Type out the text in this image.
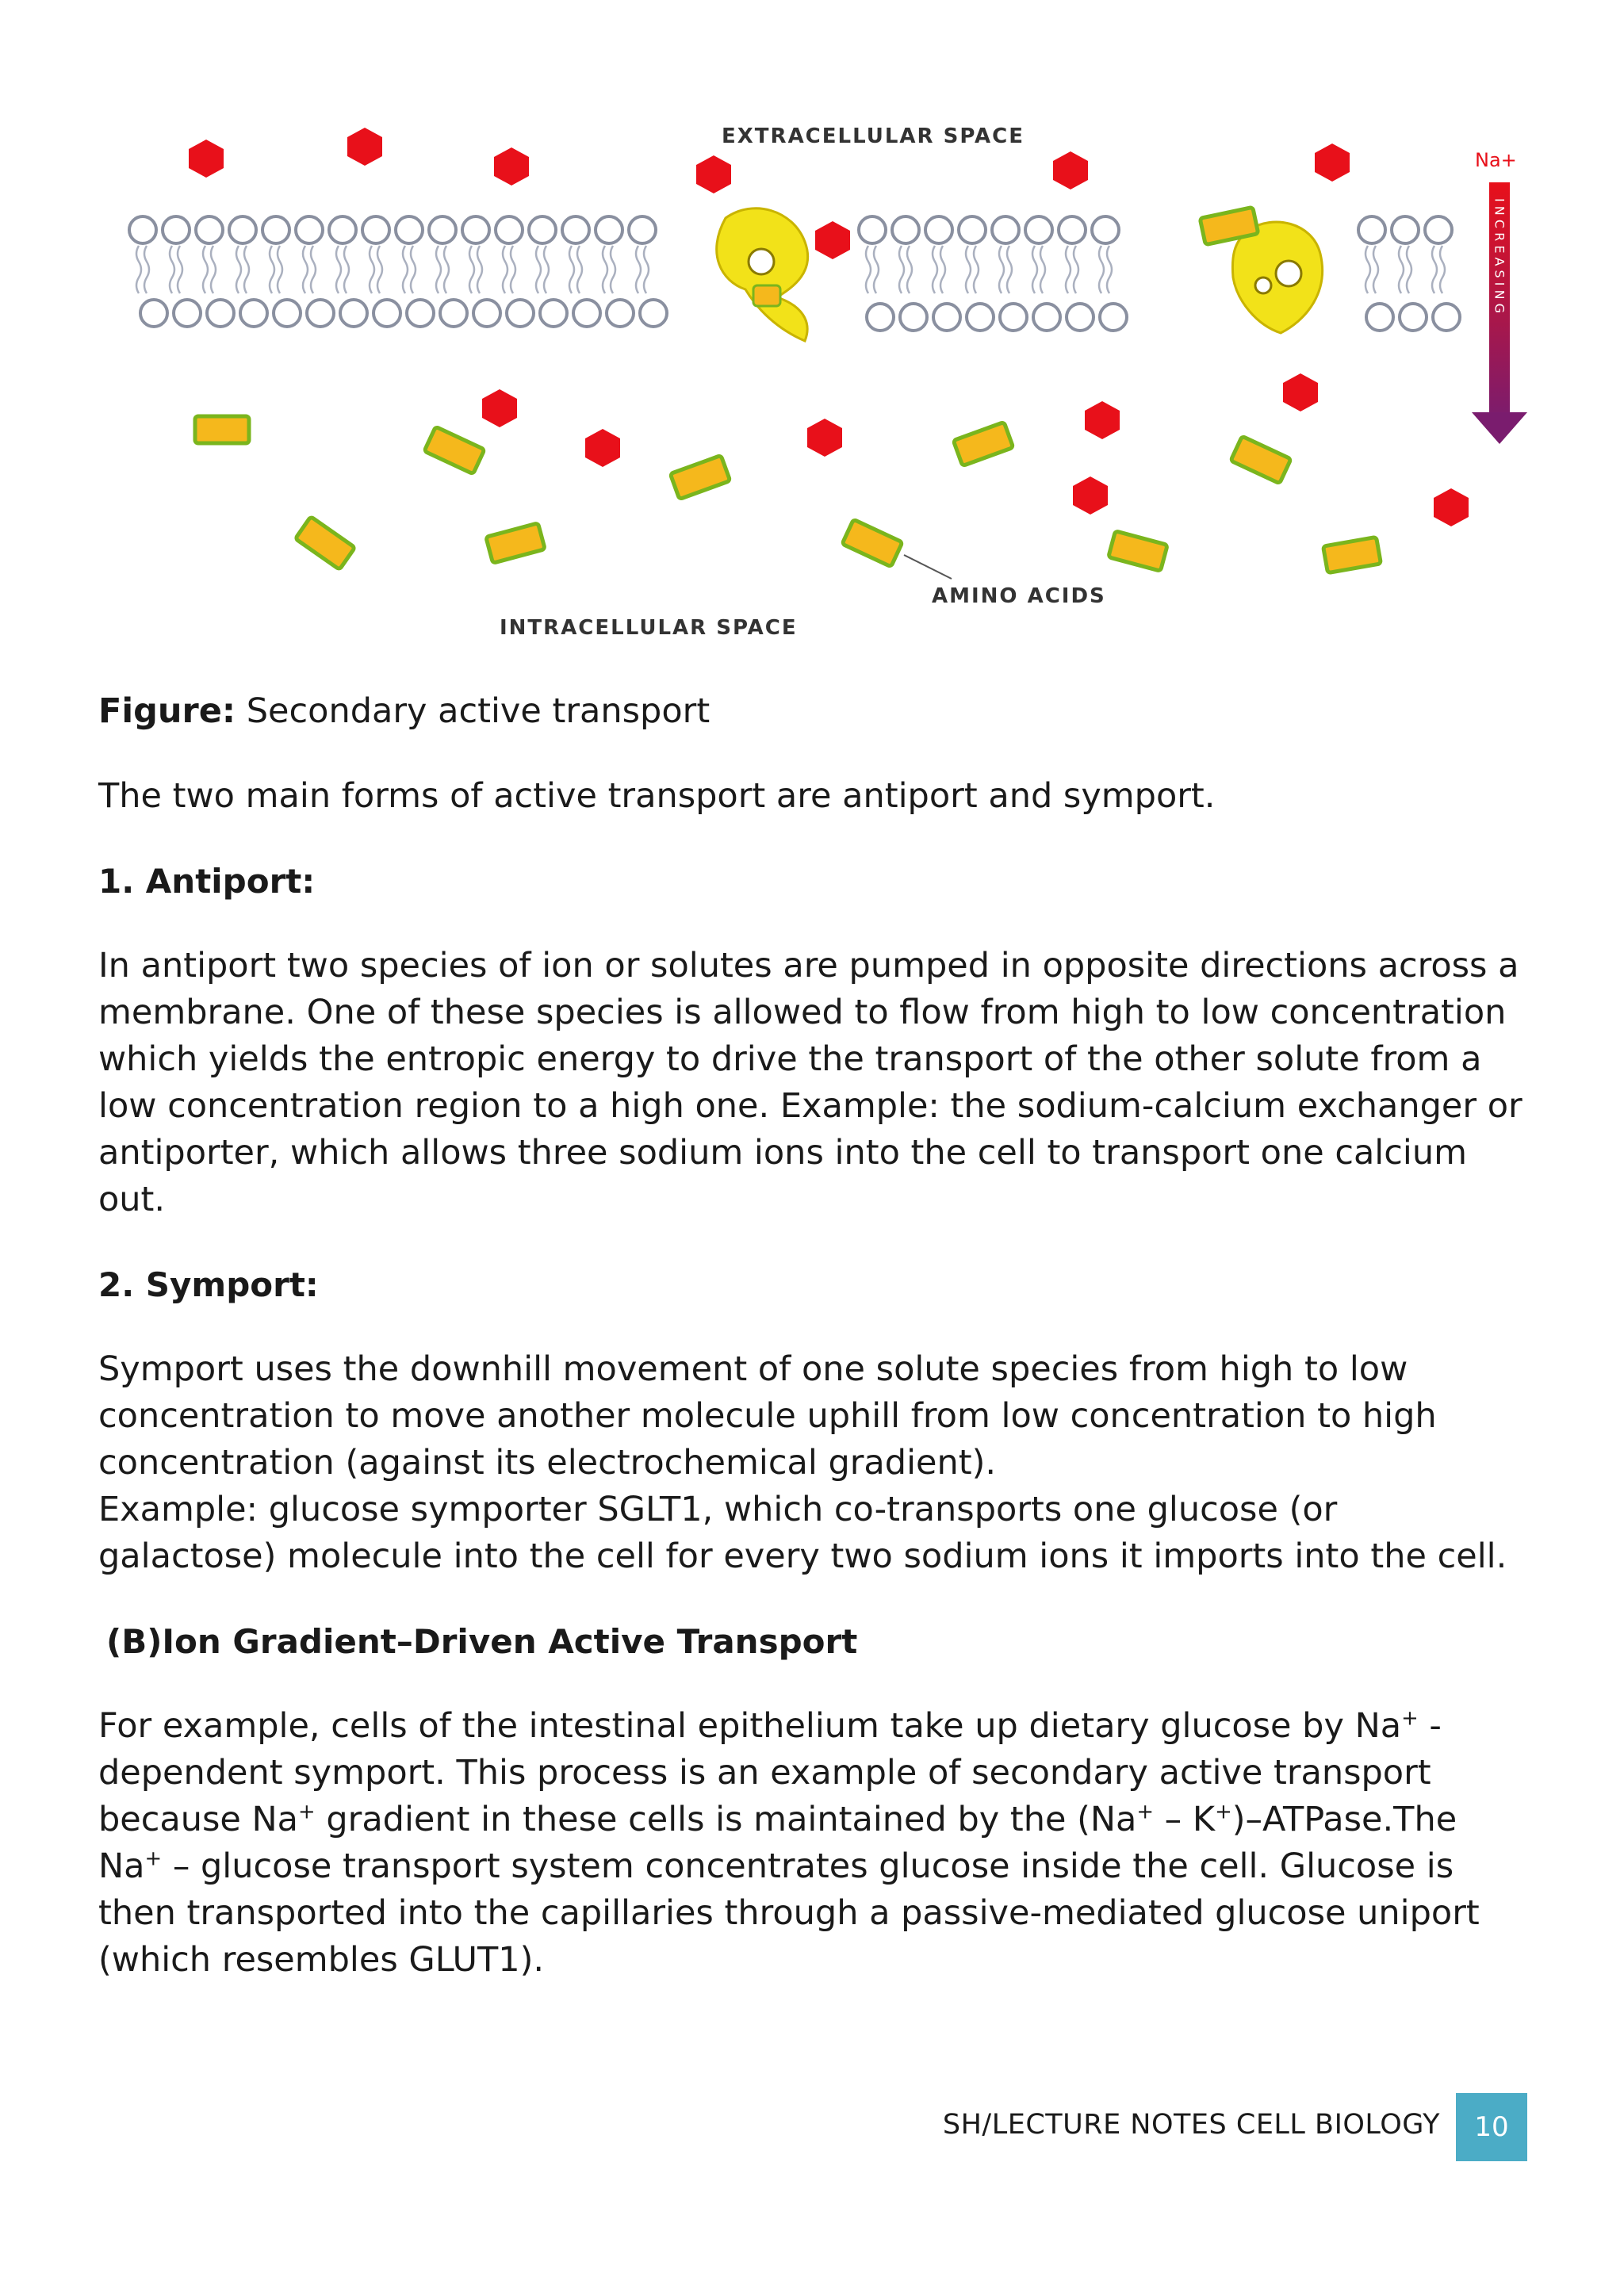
EXTRACELLULAR SPACE
INTRACELLULAR SPACE
AMINO ACIDS
Na+
I N C R E A S I N G

Figure: Secondary active transport

The two main forms of active transport are antiport and symport.

1. Antiport:

In antiport two species of ion or solutes are pumped in opposite directions across a membrane. One of these species is allowed to flow from high to low concentration which yields the entropic energy to drive the transport of the other solute from a low concentration region to a high one. Example: the sodium-calcium exchanger or antiporter, which allows three sodium ions into the cell to transport one calcium out.

2. Symport:

Symport uses the downhill movement of one solute species from high to low concentration to move another molecule uphill from low concentration to high concentration (against its electrochemical gradient).
Example: glucose symporter SGLT1, which co-transports one glucose (or galactose) molecule into the cell for every two sodium ions it imports into the cell.

(B)Ion Gradient–Driven Active Transport

For example, cells of the intestinal epithelium take up dietary glucose by Na+ -dependent symport. This process is an example of secondary active transport because Na+ gradient in these cells is maintained by the (Na+ – K+)–ATPase.The Na+ – glucose transport system concentrates glucose inside the cell. Glucose is then transported into the capillaries through a passive-mediated glucose uniport (which resembles GLUT1).

SH/LECTURE NOTES CELL BIOLOGY	10
